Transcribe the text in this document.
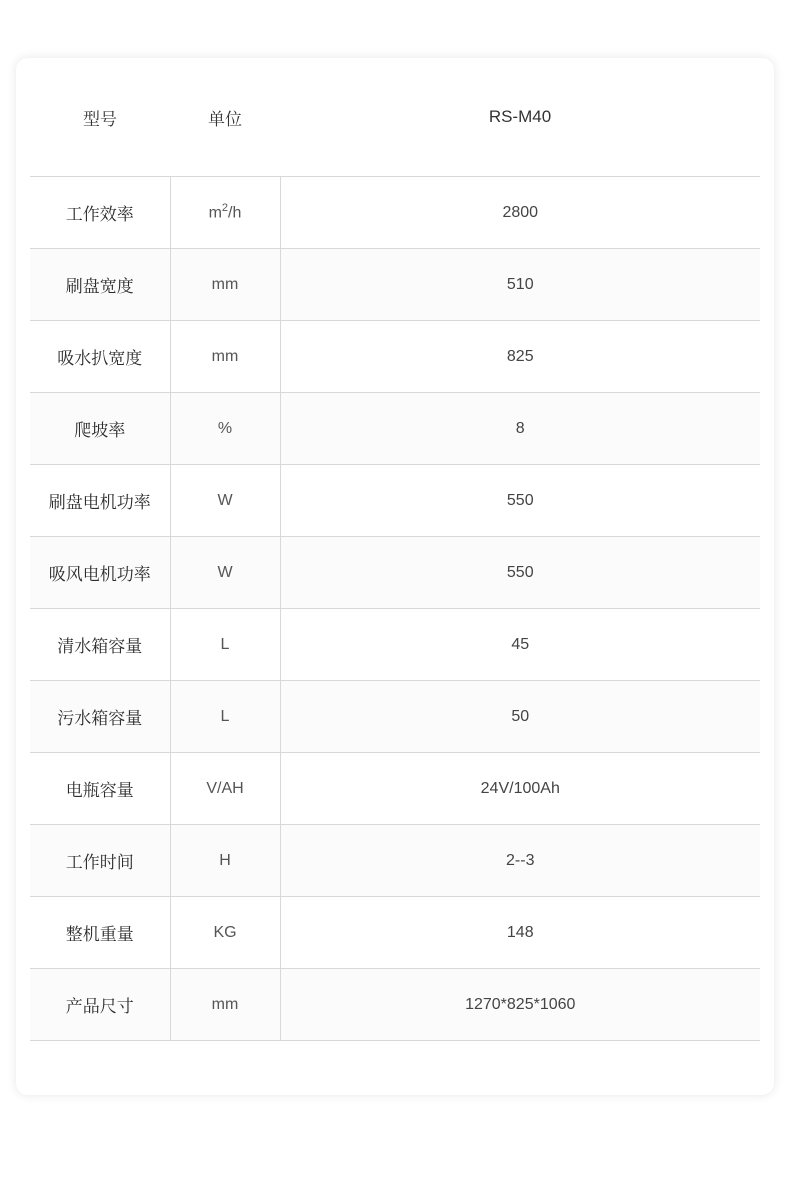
型号	单位	RS-M40
工作效率	$m^2/h$	2800
刷盘宽度	mm	510
吸水扒宽度	mm	825
爬坡率	%	8
刷盘电机功率	W	550
吸风电机功率	W	550
清水箱容量	L	45
污水箱容量	L	50
电瓶容量	V/AH	24V/100Ah
工作时间	H	2--3
整机重量	KG	148
产品尺寸	mm	1270*825*1060
